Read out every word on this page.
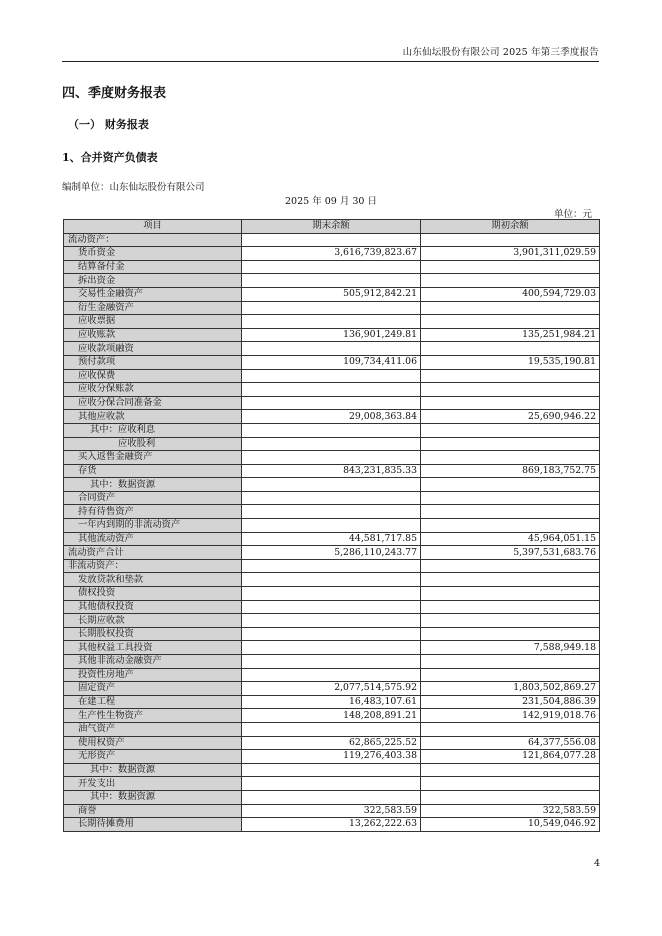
山东仙坛股份有限公司 2025 年第三季度报告
四、季度财务报表
（一） 财务报表
1、合并资产负债表
编制单位：山东仙坛股份有限公司
2025 年 09 月 30 日
单位：元
项目	期末余额	期初余额
流动资产：		
货币资金	3,616,739,823.67	3,901,311,029.59
结算备付金		
拆出资金		
交易性金融资产	505,912,842.21	400,594,729.03
衍生金融资产		
应收票据		
应收账款	136,901,249.81	135,251,984.21
应收款项融资		
预付款项	109,734,411.06	19,535,190.81
应收保费		
应收分保账款		
应收分保合同准备金		
其他应收款	29,008,363.84	25,690,946.22
其中：应收利息		
应收股利		
买入返售金融资产		
存货	843,231,835.33	869,183,752.75
其中：数据资源		
合同资产		
持有待售资产		
一年内到期的非流动资产		
其他流动资产	44,581,717.85	45,964,051.15
流动资产合计	5,286,110,243.77	5,397,531,683.76
非流动资产：		
发放贷款和垫款		
债权投资		
其他债权投资		
长期应收款		
长期股权投资		
其他权益工具投资		7,588,949.18
其他非流动金融资产		
投资性房地产		
固定资产	2,077,514,575.92	1,803,502,869.27
在建工程	16,483,107.61	231,504,886.39
生产性生物资产	148,208,891.21	142,919,018.76
油气资产		
使用权资产	62,865,225.52	64,377,556.08
无形资产	119,276,403.38	121,864,077.28
其中：数据资源		
开发支出		
其中：数据资源		
商誉	322,583.59	322,583.59
长期待摊费用	13,262,222.63	10,549,046.92
4
